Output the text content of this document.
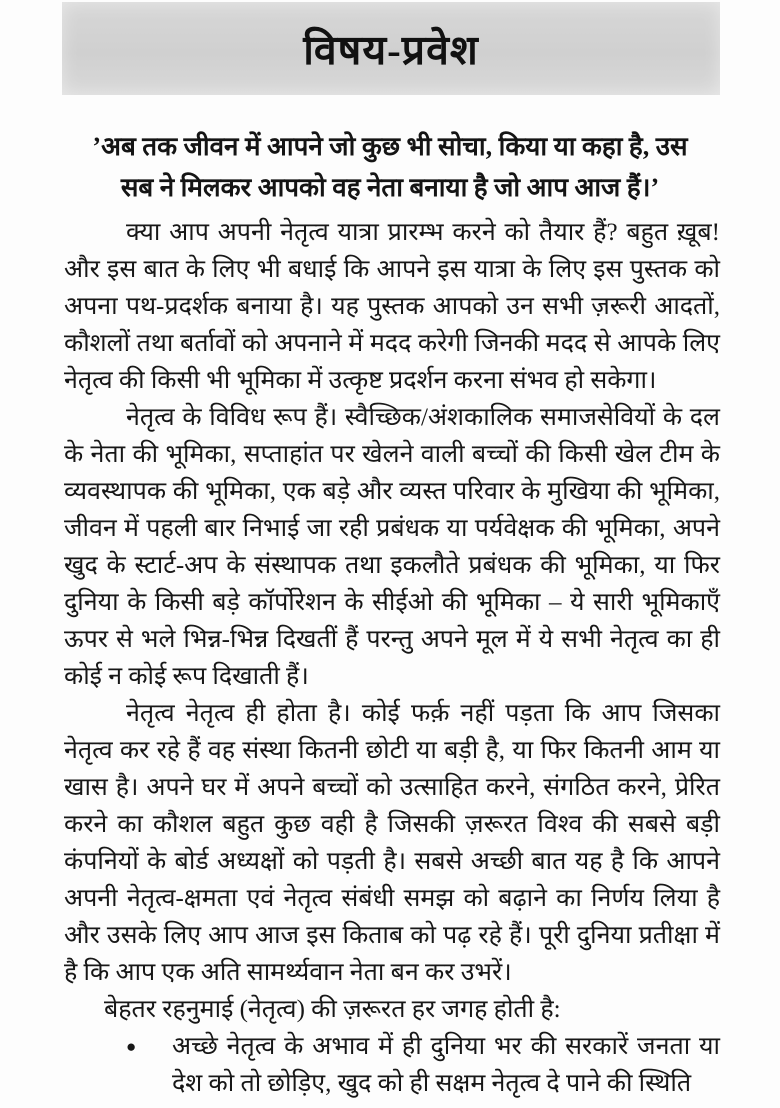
विषय-प्रवेश
’अब तक जीवन में आपने जो कुछ भी सोचा, किया या कहा है, उस
सब ने मिलकर आपको वह नेता बनाया है जो आप आज हैं।’

क्या आप अपनी नेतृत्व यात्रा प्रारम्भ करने को तैयार हैं? बहुत ख़ूब! और इस बात के लिए भी बधाई कि आपने इस यात्रा के लिए इस पुस्तक को अपना पथ-प्रदर्शक बनाया है। यह पुस्तक आपको उन सभी ज़रूरी आदतों, कौशलों तथा बर्तावों को अपनाने में मदद करेगी जिनकी मदद से आपके लिए नेतृत्व की किसी भी भूमिका में उत्कृष्ट प्रदर्शन करना संभव हो सकेगा।

नेतृत्व के विविध रूप हैं। स्वैच्छिक/अंशकालिक समाजसेवियों के दल के नेता की भूमिका, सप्ताहांत पर खेलने वाली बच्चों की किसी खेल टीम के व्यवस्थापक की भूमिका, एक बड़े और व्यस्त परिवार के मुखिया की भूमिका, जीवन में पहली बार निभाई जा रही प्रबंधक या पर्यवेक्षक की भूमिका, अपने खुद के स्टार्ट-अप के संस्थापक तथा इकलौते प्रबंधक की भूमिका, या फिर दुनिया के किसी बड़े कॉर्पोरेशन के सीईओ की भूमिका – ये सारी भूमिकाएँ ऊपर से भले भिन्न-भिन्न दिखतीं हैं परन्तु अपने मूल में ये सभी नेतृत्व का ही कोई न कोई रूप दिखाती हैं।

नेतृत्व नेतृत्व ही होता है। कोई फर्क़ नहीं पड़ता कि आप जिसका नेतृत्व कर रहे हैं वह संस्था कितनी छोटी या बड़ी है, या फिर कितनी आम या खास है। अपने घर में अपने बच्चों को उत्साहित करने, संगठित करने, प्रेरित करने का कौशल बहुत कुछ वही है जिसकी ज़रूरत विश्व की सबसे बड़ी कंपनियों के बोर्ड अध्यक्षों को पड़ती है। सबसे अच्छी बात यह है कि आपने अपनी नेतृत्व-क्षमता एवं नेतृत्व संबंधी समझ को बढ़ाने का निर्णय लिया है और उसके लिए आप आज इस किताब को पढ़ रहे हैं। पूरी दुनिया प्रतीक्षा में है कि आप एक अति सामर्थ्यवान नेता बन कर उभरें।

बेहतर रहनुमाई (नेतृत्व) की ज़रूरत हर जगह होती है:

●	अच्छे नेतृत्व के अभाव में ही दुनिया भर की सरकारें जनता या देश को तो छोड़िए, खुद को ही सक्षम नेतृत्व दे पाने की स्थिति
